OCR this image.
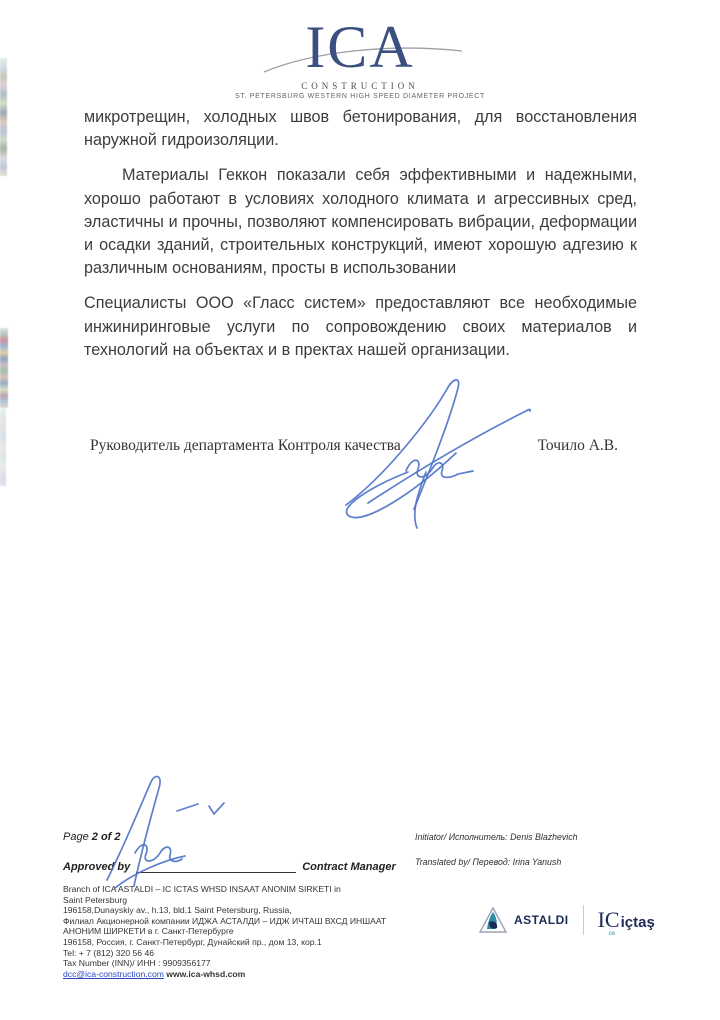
ICA
CONSTRUCTION
ST. PETERSBURG WESTERN HIGH SPEED DIAMETER PROJECT

микротрещин, холодных швов бетонирования, для восстановления наружной гидроизоляции.

Материалы Геккон показали себя эффективными и надежными, хорошо работают в условиях холодного климата и агрессивных сред, эластичны и прочны, позволяют компенсировать вибрации, деформации и осадки зданий, строительных конструкций, имеют хорошую адгезию к различным основаниям, просты в использовании

Специалисты ООО «Гласс систем» предоставляют все необходимые инжиниринговые услуги по сопровождению своих материалов и технологий на объектах и в пректах нашей организации.

Руководитель департамента Контроля качества	Точило А.В.
Page 2 of 2
Approved by	Contract Manager
Initiator/ Исполнитель: Denis Blazhevich
Translated by/ Перевод: Irina Yanush
Branch of ICA ASTALDI – IC ICTAS WHSD INSAAT ANONIM SIRKETI in
Saint Petersburg
196158,Dunayskiy av., h.13, bld.1 Saint Petersburg, Russia,
Филиал Акционерной компании ИДЖА АСТАЛДИ – ИДЖ ИЧТАШ ВХСД ИНШААТ
АНОНИМ ШИРКЕТИ в г. Санкт-Петербурге
196158, Россия, г. Санкт-Петербург, Дунайский пр., дом 13, кор.1
Tel: + 7 (812) 320 56 46
Tax Number (INN)/ ИНН : 9909356177
dcc@ica-construction.com www.ica-whsd.com
ASTALDI IC
ce
içtaş
